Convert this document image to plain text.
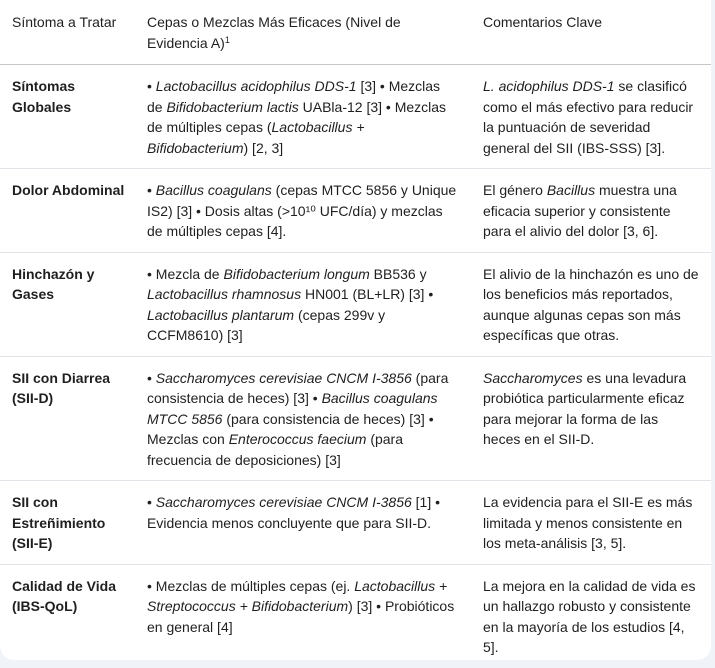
Síntoma a Tratar	Cepas o Mezclas Más Eficaces (Nivel de Evidencia A)$^1$	Comentarios Clave
Síntomas Globales	• Lactobacillus acidophilus DDS-1 [3] • Mezclas de Bifidobacterium lactis UABla-12 [3] • Mezclas de múltiples cepas (Lactobacillus + Bifidobacterium) [2, 3]	L. acidophilus DDS-1 se clasificó como el más efectivo para reducir la puntuación de severidad general del SII (IBS-SSS) [3].
Dolor Abdominal	• Bacillus coagulans (cepas MTCC 5856 y Unique IS2) [3] • Dosis altas (>10¹⁰ UFC/día) y mezclas de múltiples cepas [4].	El género Bacillus muestra una eficacia superior y consistente para el alivio del dolor [3, 6].
Hinchazón y Gases	• Mezcla de Bifidobacterium longum BB536 y Lactobacillus rhamnosus HN001 (BL+LR) [3] • Lactobacillus plantarum (cepas 299v y CCFM8610) [3]	El alivio de la hinchazón es uno de los beneficios más reportados, aunque algunas cepas son más específicas que otras.
SII con Diarrea (SII-D)	• Saccharomyces cerevisiae CNCM I-3856 (para consistencia de heces) [3] • Bacillus coagulans MTCC 5856 (para consistencia de heces) [3] • Mezclas con Enterococcus faecium (para frecuencia de deposiciones) [3]	Saccharomyces es una levadura probiótica particularmente eficaz para mejorar la forma de las heces en el SII-D.
SII con Estreñimiento (SII-E)	• Saccharomyces cerevisiae CNCM I-3856 [1] • Evidencia menos concluyente que para SII-D.	La evidencia para el SII-E es más limitada y menos consistente en los meta-análisis [3, 5].
Calidad de Vida (IBS-QoL)	• Mezclas de múltiples cepas (ej. Lactobacillus + Streptococcus + Bifidobacterium) [3] • Probióticos en general [4]	La mejora en la calidad de vida es un hallazgo robusto y consistente en la mayoría de los estudios [4, 5].
